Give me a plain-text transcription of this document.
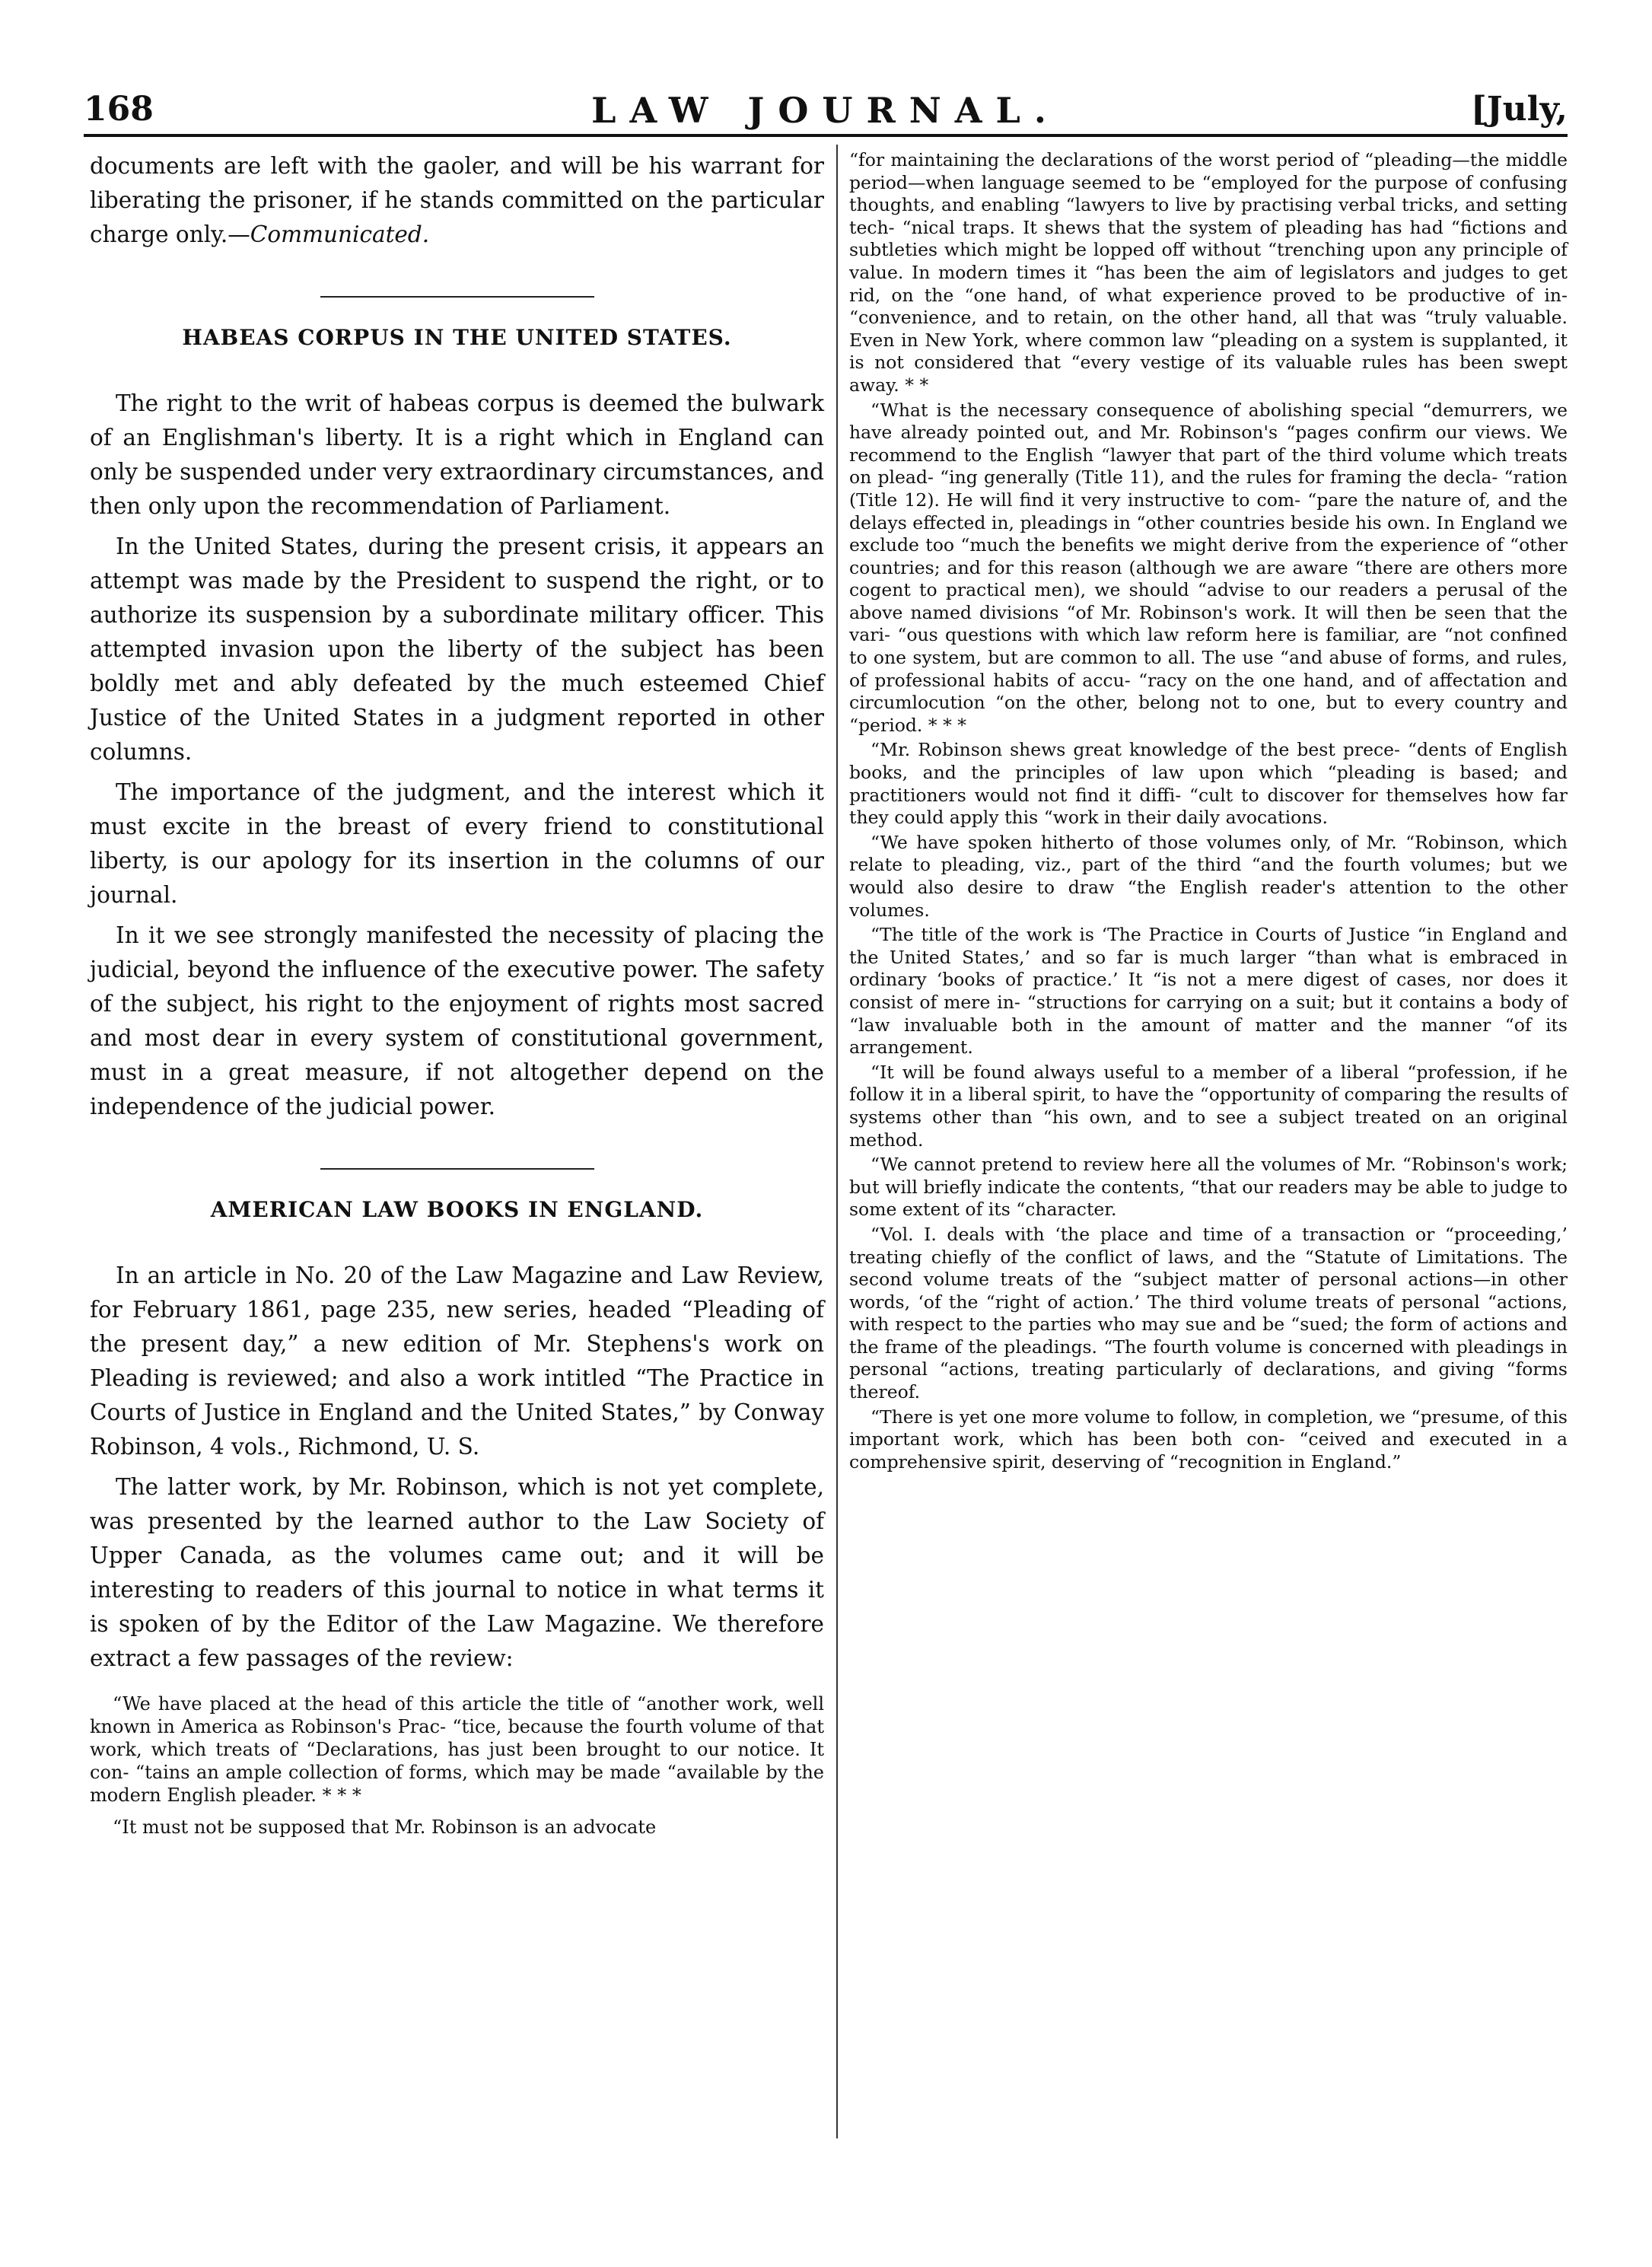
168	LAW JOURNAL.	[July,

documents are left with the gaoler, and will be his warrant for liberating the prisoner, if he stands committed on the particular charge only.—Communicated.

HABEAS CORPUS IN THE UNITED STATES.

The right to the writ of habeas corpus is deemed the bulwark of an Englishman's liberty. It is a right which in England can only be suspended under very extraordinary circumstances, and then only upon the recommendation of Parliament.

In the United States, during the present crisis, it appears an attempt was made by the President to suspend the right, or to authorize its suspension by a subordinate military officer. This attempted invasion upon the liberty of the subject has been boldly met and ably defeated by the much esteemed Chief Justice of the United States in a judgment reported in other columns.

The importance of the judgment, and the interest which it must excite in the breast of every friend to constitutional liberty, is our apology for its insertion in the columns of our journal.

In it we see strongly manifested the necessity of placing the judicial, beyond the influence of the executive power. The safety of the subject, his right to the enjoyment of rights most sacred and most dear in every system of constitutional government, must in a great measure, if not altogether depend on the independence of the judicial power.

AMERICAN LAW BOOKS IN ENGLAND.

In an article in No. 20 of the Law Magazine and Law Review, for February 1861, page 235, new series, headed “Pleading of the present day,” a new edition of Mr. Stephens's work on Pleading is reviewed; and also a work intitled “The Practice in Courts of Justice in England and the United States,” by Conway Robinson, 4 vols., Richmond, U. S.

The latter work, by Mr. Robinson, which is not yet complete, was presented by the learned author to the Law Society of Upper Canada, as the volumes came out; and it will be interesting to readers of this journal to notice in what terms it is spoken of by the Editor of the Law Magazine. We therefore extract a few passages of the review:

“We have placed at the head of this article the title of “another work, well known in America as Robinson's Prac- “tice, because the fourth volume of that work, which treats of “Declarations, has just been brought to our notice. It con- “tains an ample collection of forms, which may be made “available by the modern English pleader. * * *

“It must not be supposed that Mr. Robinson is an advocate

“for maintaining the declarations of the worst period of “pleading—the middle period—when language seemed to be “employed for the purpose of confusing thoughts, and enabling “lawyers to live by practising verbal tricks, and setting tech- “nical traps. It shews that the system of pleading has had “fictions and subtleties which might be lopped off without “trenching upon any principle of value. In modern times it “has been the aim of legislators and judges to get rid, on the “one hand, of what experience proved to be productive of in- “convenience, and to retain, on the other hand, all that was “truly valuable. Even in New York, where common law “pleading on a system is supplanted, it is not considered that “every vestige of its valuable rules has been swept away. * *

“What is the necessary consequence of abolishing special “demurrers, we have already pointed out, and Mr. Robinson's “pages confirm our views. We recommend to the English “lawyer that part of the third volume which treats on plead- “ing generally (Title 11), and the rules for framing the decla- “ration (Title 12). He will find it very instructive to com- “pare the nature of, and the delays effected in, pleadings in “other countries beside his own. In England we exclude too “much the benefits we might derive from the experience of “other countries; and for this reason (although we are aware “there are others more cogent to practical men), we should “advise to our readers a perusal of the above named divisions “of Mr. Robinson's work. It will then be seen that the vari- “ous questions with which law reform here is familiar, are “not confined to one system, but are common to all. The use “and abuse of forms, and rules, of professional habits of accu- “racy on the one hand, and of affectation and circumlocution “on the other, belong not to one, but to every country and “period. * * *

“Mr. Robinson shews great knowledge of the best prece- “dents of English books, and the principles of law upon which “pleading is based; and practitioners would not find it diffi- “cult to discover for themselves how far they could apply this “work in their daily avocations.

“We have spoken hitherto of those volumes only, of Mr. “Robinson, which relate to pleading, viz., part of the third “and the fourth volumes; but we would also desire to draw “the English reader's attention to the other volumes.

“The title of the work is ‘The Practice in Courts of Justice “in England and the United States,’ and so far is much larger “than what is embraced in ordinary ‘books of practice.’ It “is not a mere digest of cases, nor does it consist of mere in- “structions for carrying on a suit; but it contains a body of “law invaluable both in the amount of matter and the manner “of its arrangement.

“It will be found always useful to a member of a liberal “profession, if he follow it in a liberal spirit, to have the “opportunity of comparing the results of systems other than “his own, and to see a subject treated on an original method.

“We cannot pretend to review here all the volumes of Mr. “Robinson's work; but will briefly indicate the contents, “that our readers may be able to judge to some extent of its “character.

“Vol. I. deals with ‘the place and time of a transaction or “proceeding,’ treating chiefly of the conflict of laws, and the “Statute of Limitations. The second volume treats of the “subject matter of personal actions—in other words, ‘of the “right of action.’ The third volume treats of personal “actions, with respect to the parties who may sue and be “sued; the form of actions and the frame of the pleadings. “The fourth volume is concerned with pleadings in personal “actions, treating particularly of declarations, and giving “forms thereof.

“There is yet one more volume to follow, in completion, we “presume, of this important work, which has been both con- “ceived and executed in a comprehensive spirit, deserving of “recognition in England.”
